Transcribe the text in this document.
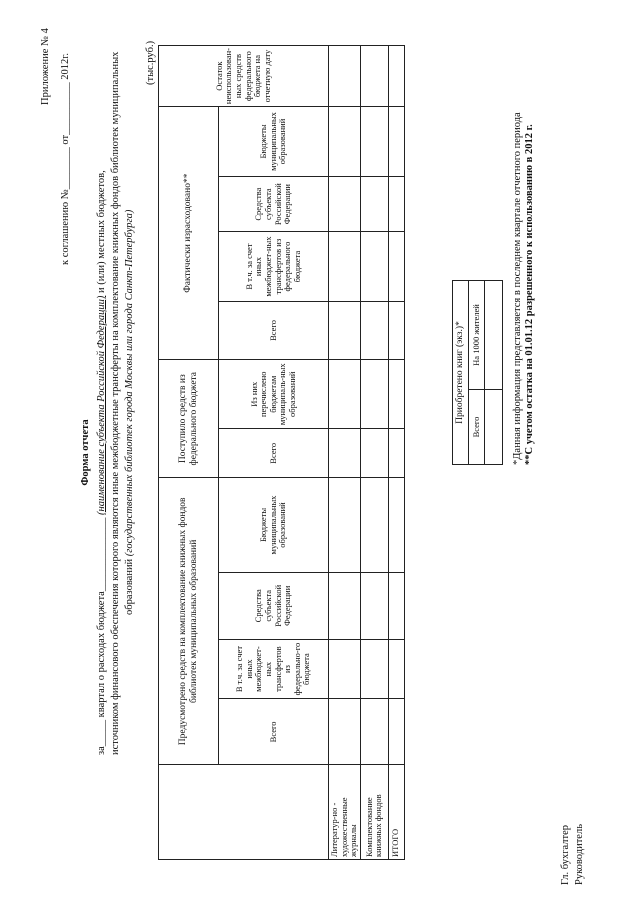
Приложение № 4
к соглашению №________ от__________ 2012г.
Форма отчета
за_____ квартал о расходах бюджета______________ (наименование субъекта Российской Федерации) и (или) местных бюджетов, источником финансового обеспечения которого являются иные межбюджетные трансферты на комплектование книжных фондов библиотек муниципальных образований (государственных библиотек города Москвы или города Санкт-Петербурга)
(тыс.руб.)
	Предусмотрено средств на комплектование книжных фондов библиотек муниципальных образований				Поступило средств из федерального бюджета		Фактически израсходовано**				Остаток неиспользован-ных средств федерального бюджета на отчетную дату
	Всего	В т.ч. за счет иных межбюджет-ных трансфертов из федерально-го бюджета	Средства субъекта Российской Федерации	Бюджеты муниципальных образований	Всего	Из них перечислено бюджетам муниципаль-ных образований	Всего	В т.ч. за счет иных межбюджет-ных трансфертов из федерального бюджета	Средства субъекта Российской Федерации	Бюджеты муниципальных образований	
Литератур-но - художественные журналы											
Комплектование книжных фондов											
ИТОГО											
Приобретено книг (экз.)*	
Всего	На 1000 жителей
		*Данная информация представляется в последнем квартале отчетного периода **С учетом остатка на 01.01.12 разрешенного к использованию в 2012 г.
Гл. бухгалтер Руководитель
